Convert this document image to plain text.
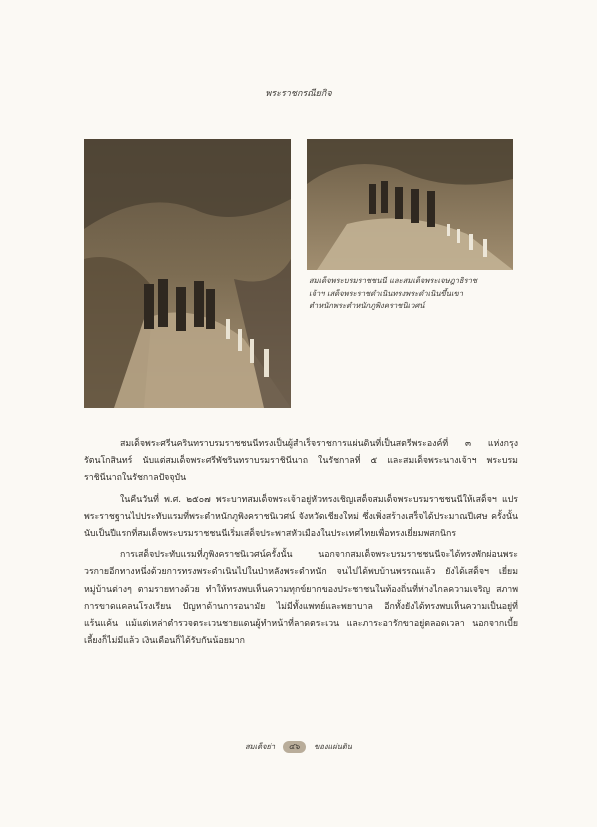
พระราชกรณียกิจ

สมเด็จพระบรมราชชนนี และสมเด็จพระเจษฎาธิราช

เจ้าฯ เสด็จพระราชดำเนินทรงพระดำเนินขึ้นเขา

ตำหนักพระตำหนักภูพิงคราชนิเวศน์

สมเด็จพระศรีนครินทราบรมราชชนนีทรงเป็นผู้สำเร็จราชการแผ่นดินที่เป็นสตรีพระองค์ที่ ๓ แห่งกรุงรัตนโกสินทร์ นับแต่สมเด็จพระศรีพัชรินทราบรมราชินีนาถ ในรัชกาลที่ ๕ และสมเด็จพระนางเจ้าฯ พระบรมราชินีนาถในรัชกาลปัจจุบัน

ในคืนวันที่ พ.ศ. ๒๕๐๗ พระบาทสมเด็จพระเจ้าอยู่หัวทรงเชิญเสด็จสมเด็จพระบรมราชชนนีให้เสด็จฯ แปรพระราชฐานไปประทับแรมที่พระตำหนักภูพิงคราชนิเวศน์ จังหวัดเชียงใหม่ ซึ่งเพิ่งสร้างเสร็จได้ประมาณปีเศษ ครั้งนั้นนับเป็นปีแรกที่สมเด็จพระบรมราชชนนีเริ่มเสด็จประพาสหัวเมืองในประเทศไทยเพื่อทรงเยี่ยมพสกนิกร

การเสด็จประทับแรมที่ภูพิงคราชนิเวศน์ครั้งนั้น นอกจากสมเด็จพระบรมราชชนนีจะได้ทรงพักผ่อนพระวรกายอีกทางหนึ่งด้วยการทรงพระดำเนินไปในป่าหลังพระตำหนัก จนไปได้พบบ้านพรรณแล้ว ยังได้เสด็จฯ เยี่ยมหมู่บ้านต่างๆ ตามรายทางด้วย ทำให้ทรงพบเห็นความทุกข์ยากของประชาชนในท้องถิ่นที่ห่างไกลความเจริญ สภาพการขาดแคลนโรงเรียน ปัญหาด้านการอนามัย ไม่มีทั้งแพทย์และพยาบาล อีกทั้งยังได้ทรงพบเห็นความเป็นอยู่ที่แร้นแค้น แม้แต่เหล่าตำรวจตระเวนชายแดนผู้ทำหน้าที่ลาดตระเวน และภาระอารักขาอยู่ตลอดเวลา นอกจากเบี้ยเลี้ยงก็ไม่มีแล้ว เงินเดือนก็ได้รับกันน้อยมาก

สมเด็จย่า	๔๖	ของแผ่นดิน
